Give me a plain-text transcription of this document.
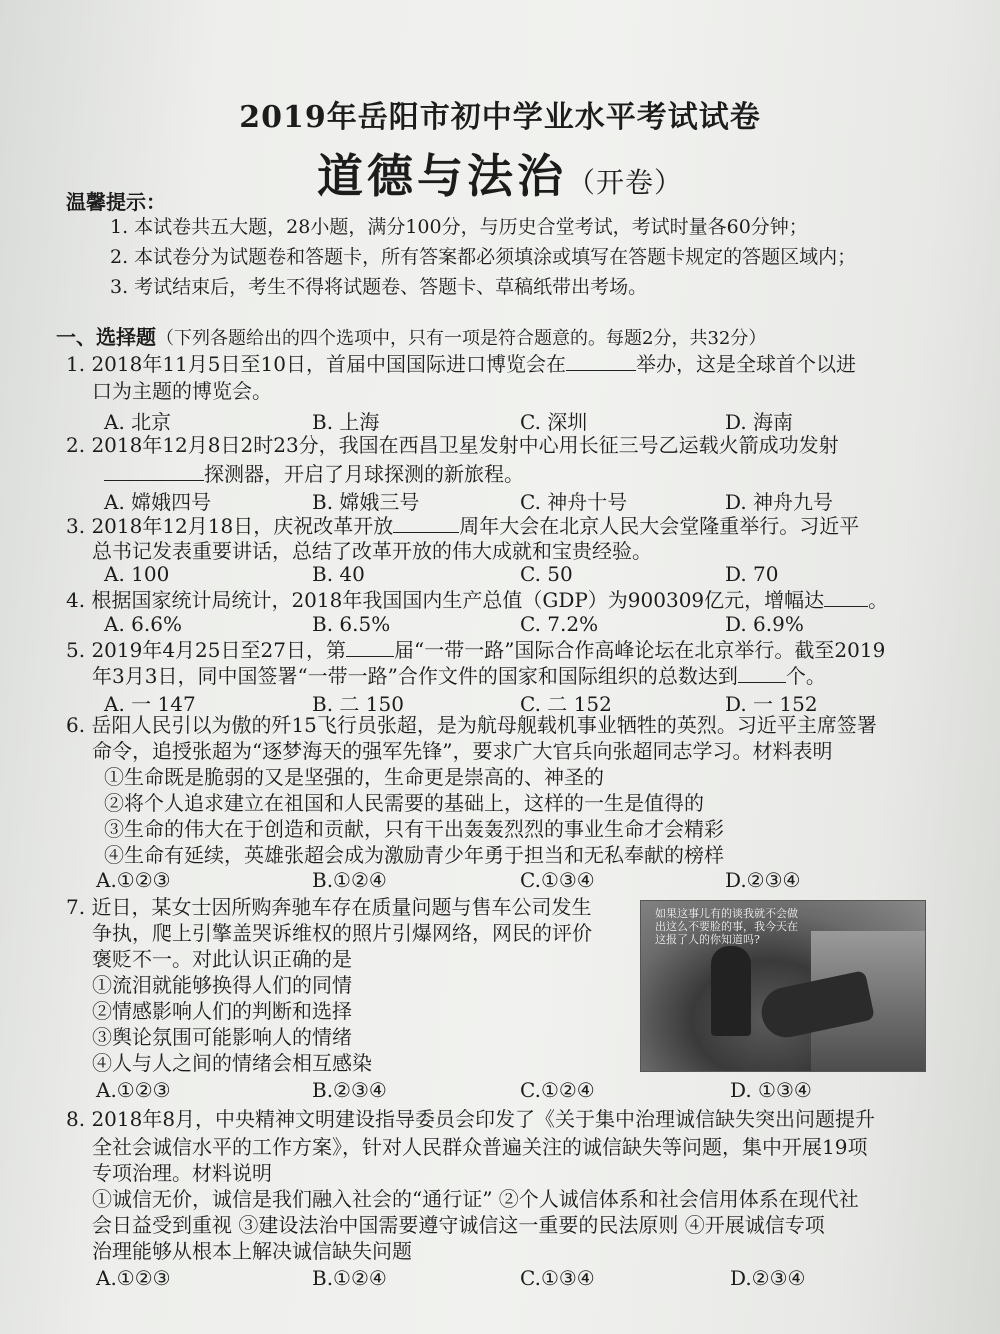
2019年岳阳市初中学业水平考试试卷
道德与法治（开卷）
温馨提示：
1. 本试卷共五大题，28小题，满分100分，与历史合堂考试，考试时量各60分钟；
2. 本试卷分为试题卷和答题卡，所有答案都必须填涂或填写在答题卡规定的答题区域内；
3. 考试结束后，考生不得将试题卷、答题卡、草稿纸带出考场。
一、选择题（下列各题给出的四个选项中，只有一项是符合题意的。每题2分，共32分）
1. 2018年11月5日至10日，首届中国国际进口博览会在	举办，这是全球首个以进
口为主题的博览会。
A. 北京	B. 上海	C. 深圳	D. 海南
2. 2018年12月8日2时23分，我国在西昌卫星发射中心用长征三号乙运载火箭成功发射
探测器，开启了月球探测的新旅程。
A. 嫦娥四号	B. 嫦娥三号	C. 神舟十号	D. 神舟九号
3. 2018年12月18日，庆祝改革开放	周年大会在北京人民大会堂隆重举行。习近平
总书记发表重要讲话，总结了改革开放的伟大成就和宝贵经验。
A. 100	B. 40	C. 50	D. 70
4. 根据国家统计局统计，2018年我国国内生产总值（GDP）为900309亿元，增幅达 。
A. 6.6%	B. 6.5%	C. 7.2%	D. 6.9%
5. 2019年4月25日至27日，第 届“一带一路”国际合作高峰论坛在北京举行。截至2019
年3月3日，同中国签署“一带一路”合作文件的国家和国际组织的总数达到 个。
A. 一 147	B. 二 150	C. 二 152	D. 一 152
6. 岳阳人民引以为傲的歼15飞行员张超，是为航母舰载机事业牺牲的英烈。习近平主席签署
命令，追授张超为“逐梦海天的强军先锋”，要求广大官兵向张超同志学习。材料表明
①生命既是脆弱的又是坚强的，生命更是崇高的、神圣的
②将个人追求建立在祖国和人民需要的基础上，这样的一生是值得的
③生命的伟大在于创造和贡献，只有干出轰轰烈烈的事业生命才会精彩
④生命有延续，英雄张超会成为激励青少年勇于担当和无私奉献的榜样
A.①②③	B.①②④	C.①③④	D.②③④
7. 近日，某女士因所购奔驰车存在质量问题与售车公司发生
争执，爬上引擎盖哭诉维权的照片引爆网络，网民的评价
褒贬不一。对此认识正确的是
①流泪就能够换得人们的同情
②情感影响人们的判断和选择
③舆论氛围可能影响人的情绪
④人与人之间的情绪会相互感染
如果这事儿有的谈我就不会做出这么不要脸的事，我今天在这报了人的你知道吗?
A.①②③	B.②③④	C.①②④	D. ①③④
8. 2018年8月，中央精神文明建设指导委员会印发了《关于集中治理诚信缺失突出问题提升
全社会诚信水平的工作方案》，针对人民群众普遍关注的诚信缺失等问题，集中开展19项
专项治理。材料说明
①诚信无价，诚信是我们融入社会的“通行证” ②个人诚信体系和社会信用体系在现代社
会日益受到重视 ③建设法治中国需要遵守诚信这一重要的民法原则 ④开展诚信专项
治理能够从根本上解决诚信缺失问题
A.①②③	B.①②④	C.①③④	D.②③④
